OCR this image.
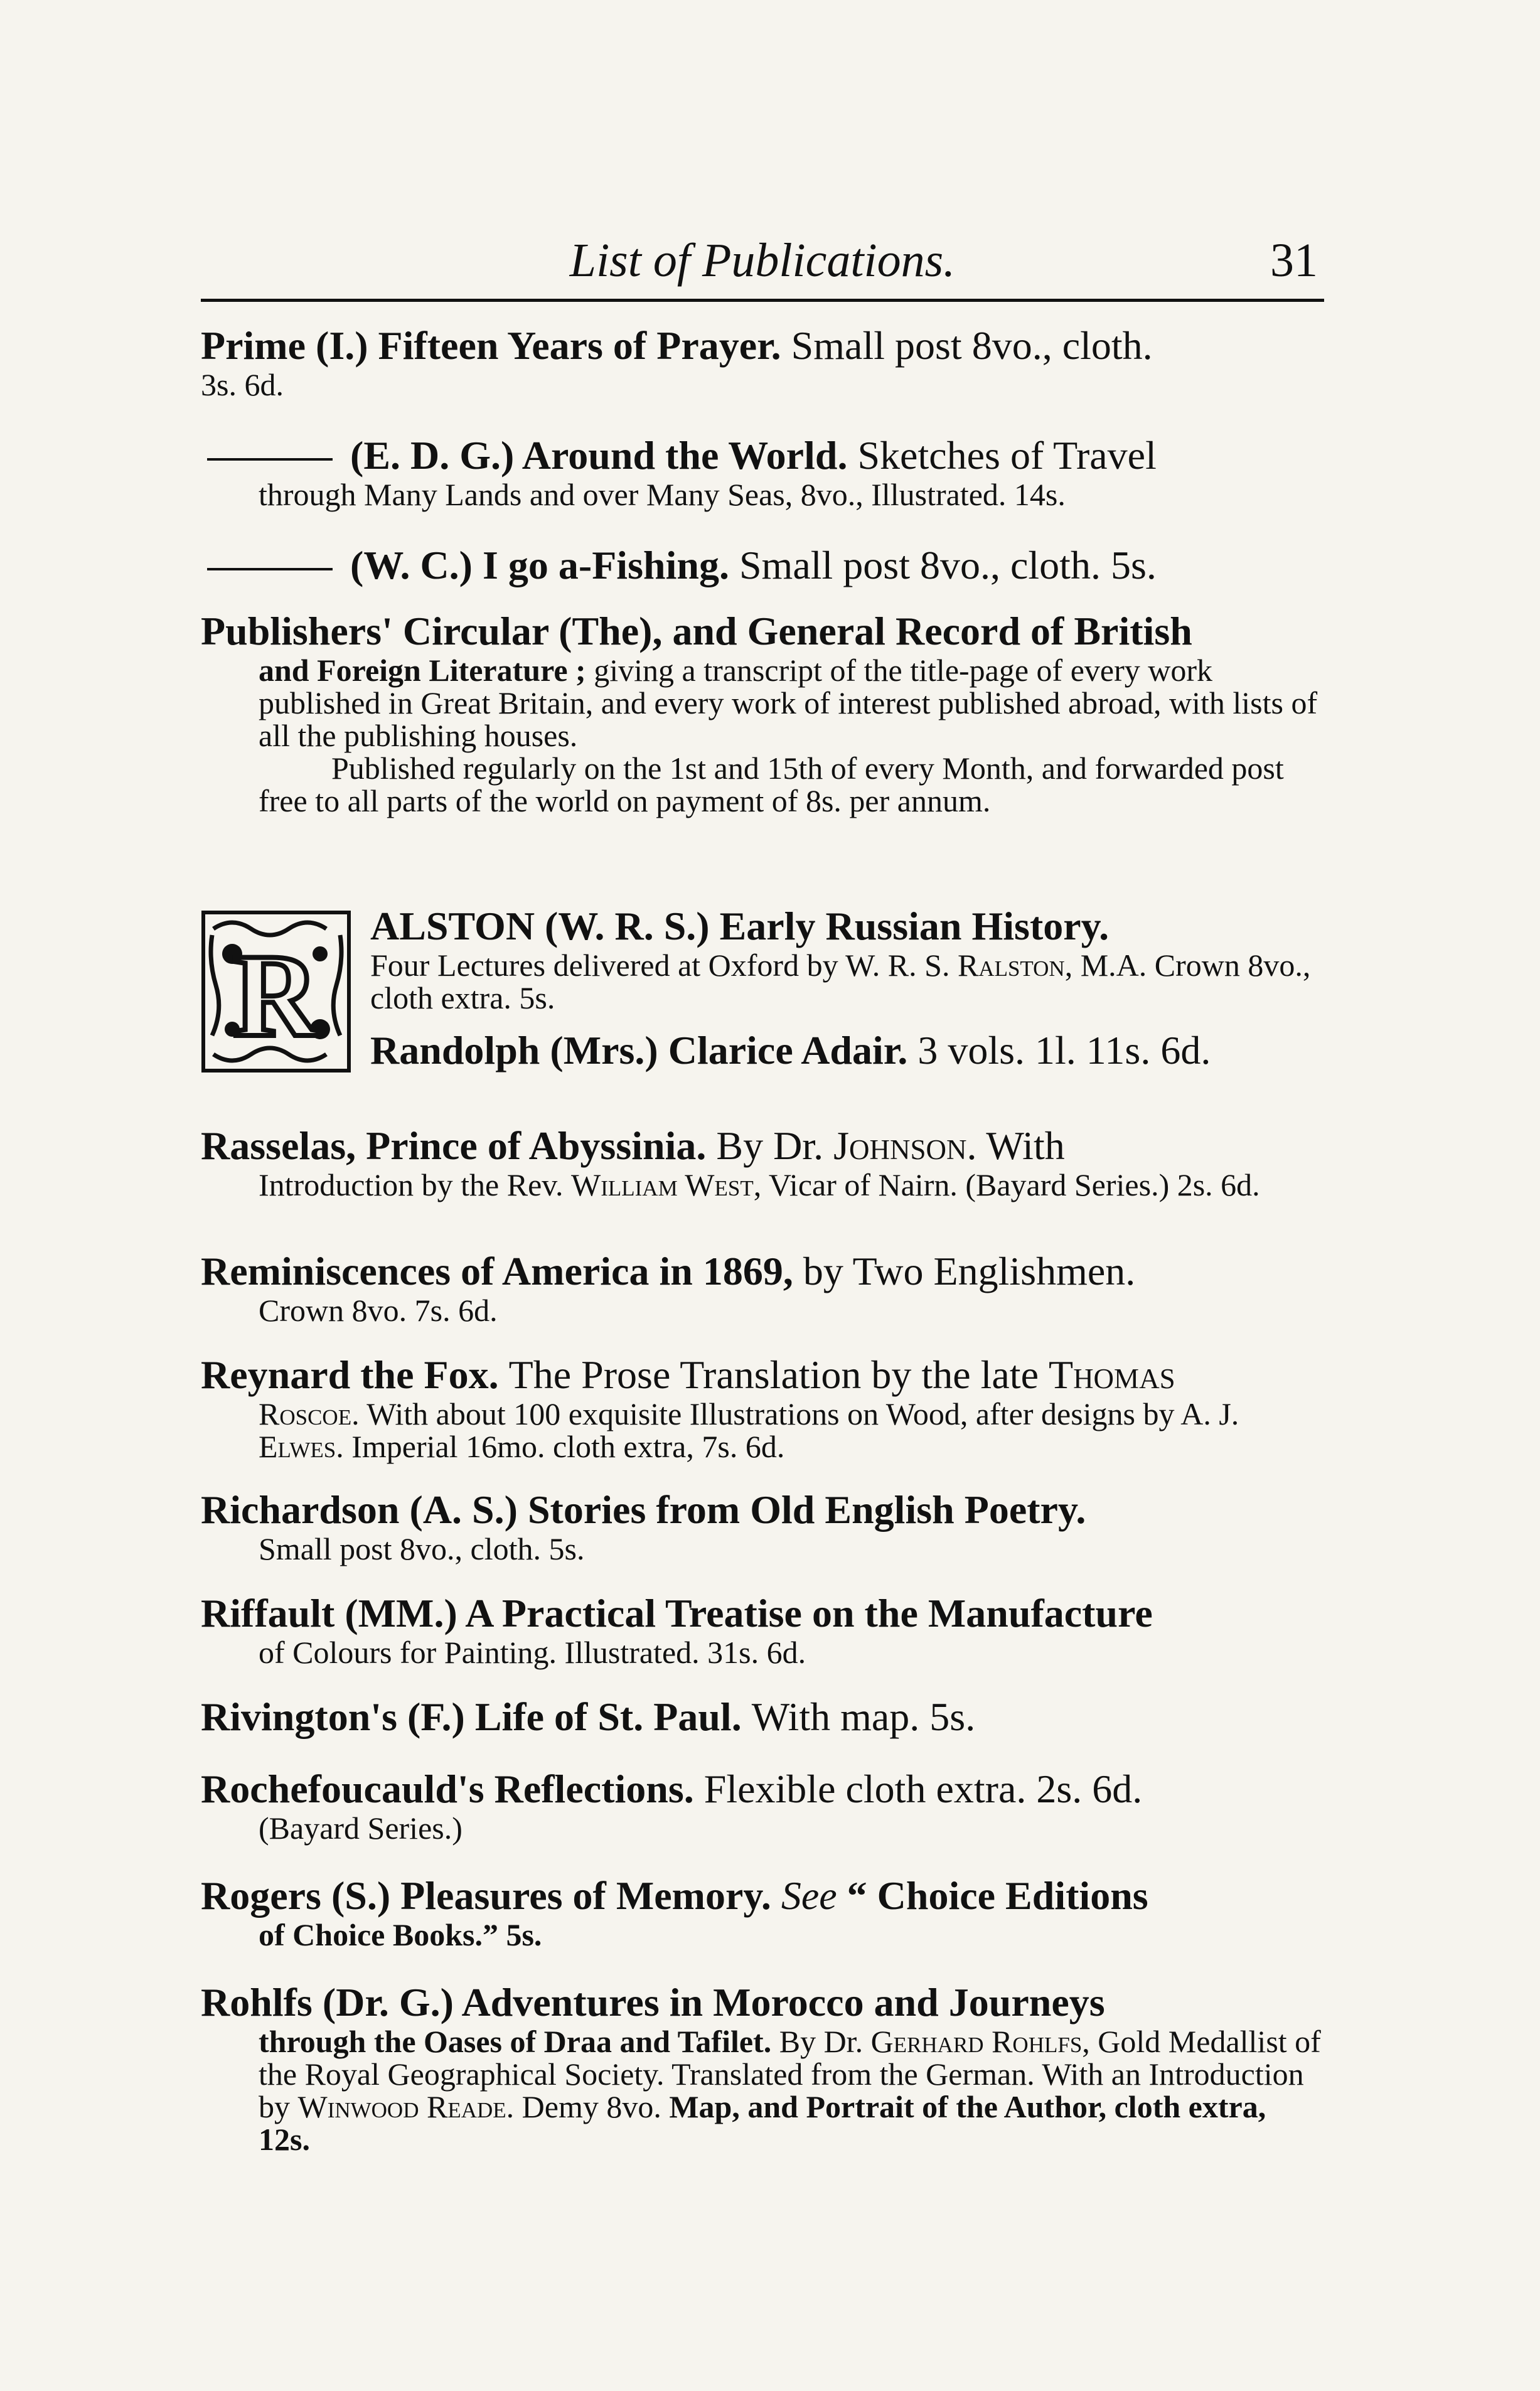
List of Publications.	31
Prime (I.) Fifteen Years of Prayer. Small post 8vo., cloth.
3s. 6d.
(E. D. G.) Around the World. Sketches of Travel
through Many Lands and over Many Seas, 8vo., Illustrated. 14s.
(W. C.) I go a-Fishing. Small post 8vo., cloth. 5s.
Publishers' Circular (The), and General Record of British
and Foreign Literature ; giving a transcript of the title-page of every work published in Great Britain, and every work of interest published abroad, with lists of all the publishing houses.
Published regularly on the 1st and 15th of every Month, and forwarded post free to all parts of the world on payment of 8s. per annum.
R
ALSTON (W. R. S.) Early Russian History.
Four Lectures delivered at Oxford by W. R. S. Ralston, M.A. Crown 8vo., cloth extra. 5s.
Randolph (Mrs.) Clarice Adair. 3 vols. 1l. 11s. 6d.
Rasselas, Prince of Abyssinia. By Dr. Johnson. With
Introduction by the Rev. William West, Vicar of Nairn. (Bayard Series.) 2s. 6d.
Reminiscences of America in 1869, by Two Englishmen.
Crown 8vo. 7s. 6d.
Reynard the Fox. The Prose Translation by the late Thomas
Roscoe. With about 100 exquisite Illustrations on Wood, after designs by A. J. Elwes. Imperial 16mo. cloth extra, 7s. 6d.
Richardson (A. S.) Stories from Old English Poetry.
Small post 8vo., cloth. 5s.
Riffault (MM.) A Practical Treatise on the Manufacture
of Colours for Painting. Illustrated. 31s. 6d.
Rivington's (F.) Life of St. Paul. With map. 5s.
Rochefoucauld's Reflections. Flexible cloth extra. 2s. 6d.
(Bayard Series.)
Rogers (S.) Pleasures of Memory. See “ Choice Editions
of Choice Books.” 5s.
Rohlfs (Dr. G.) Adventures in Morocco and Journeys
through the Oases of Draa and Tafilet. By Dr. Gerhard Rohlfs, Gold Medallist of the Royal Geographical Society. Translated from the German. With an Introduction by Winwood Reade. Demy 8vo. Map, and Portrait of the Author, cloth extra, 12s.
